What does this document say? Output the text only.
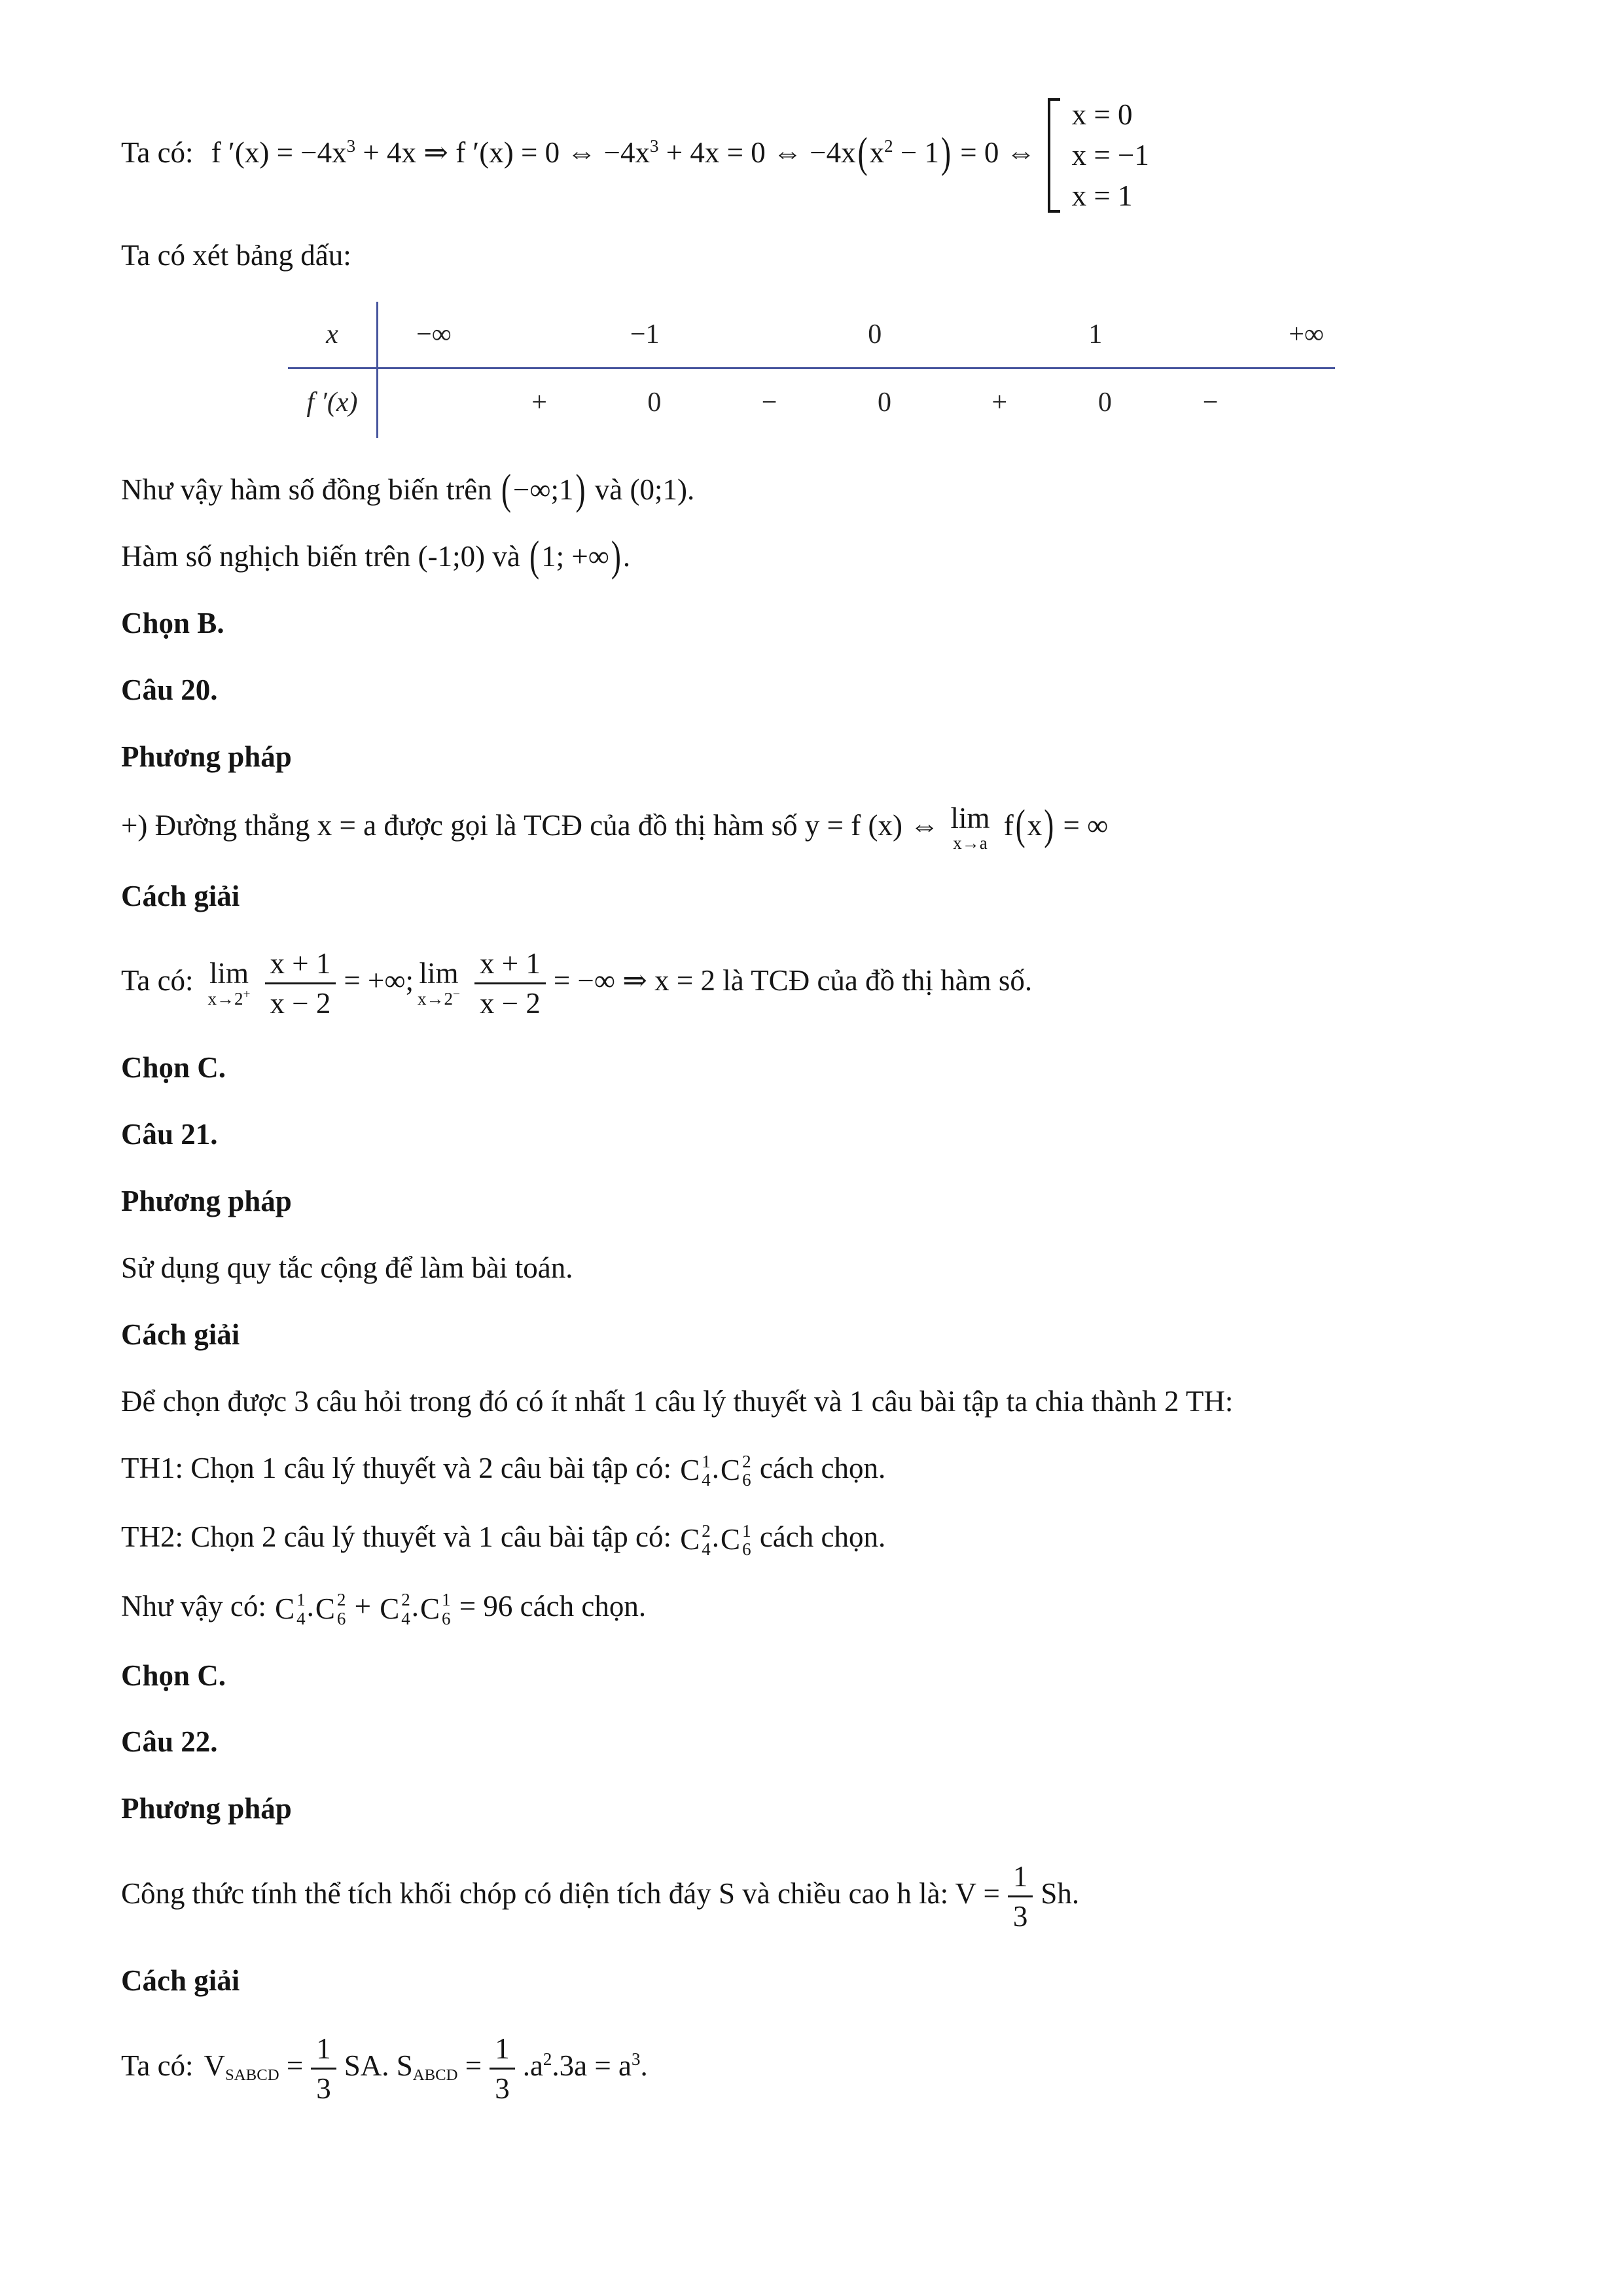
Ta có: f $'(x) = -4x^3 + 4x$ ⇒ f ′(x) = 0 ⇔ $-4x^3 + 4x = 0$ ⇔ $-4x(x^2 - 1) = 0$ ⇔
x = 0
x = −1
x = 1

Ta có xét bảng dấu:

x	−∞	−1	0	1	+∞
f ′(x)	+	0	−	0	+	0	−

Như vậy hàm số đồng biến trên (−∞;1) và (0;1).

Hàm số nghịch biến trên (-1;0) và (1; +∞).

Chọn B.

Câu 20.

Phương pháp

+) Đường thẳng x = a được gọi là TCĐ của đồ thị hàm số y = f (x) ⇔ lim
x→a
f(x) = ∞

Cách giải

Ta có: lim
$x\to 2^+ \frac{x + 1}{x - 2}$ = +∞; lim
$x\to 2^- \frac{x + 1}{x - 2}$ = −∞ ⇒ x = 2 là TCĐ của đồ thị hàm số.

Chọn C.

Câu 21.

Phương pháp

Sử dụng quy tắc cộng để làm bài toán.

Cách giải

Để chọn được 3 câu hỏi trong đó có ít nhất 1 câu lý thuyết và 1 câu bài tập ta chia thành 2 TH:

TH1: Chọn 1 câu lý thuyết và 2 câu bài tập có: C 1
4 . C 2
6 cách chọn.
TH2: Chọn 2 câu lý thuyết và 1 câu bài tập có: C 2
4 . C 1
6 cách chọn.
Như vậy có: C 1
4 . C 2
6 + C 2
4 . C 1
6 = 96 cách chọn.

Chọn C.

Câu 22.

Phương pháp

Công thức tính thể tích khối chóp có diện tích đáy S và chiều cao h là: $V = \frac{1}{3} Sh$.

Cách giải

Ta có: $V_{SABCD} = \frac{1}{3}$ SA. $S_{ABCD} = \frac{1}{3} .a^2.3a = a^3$.
